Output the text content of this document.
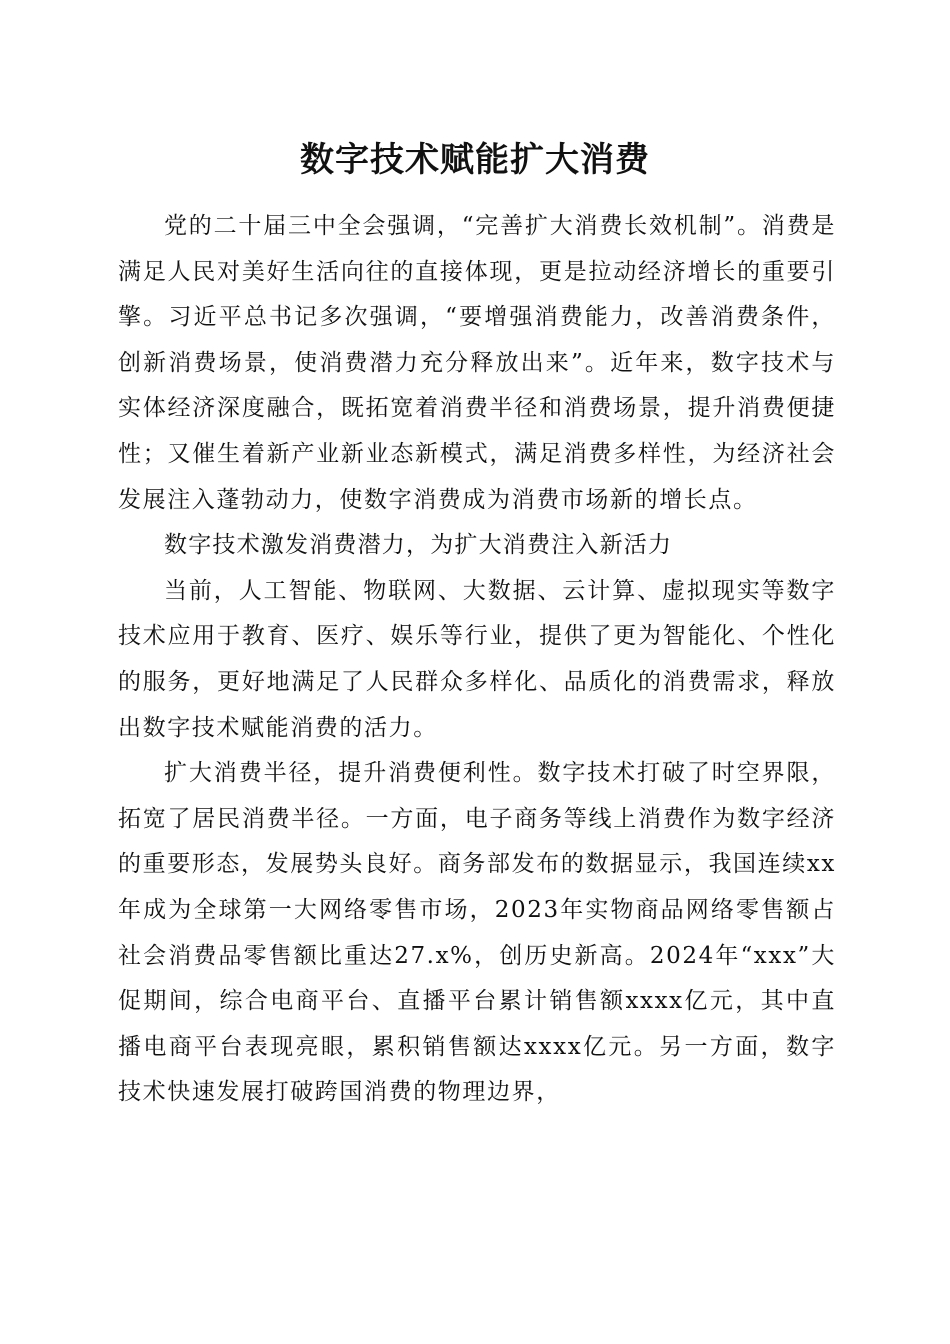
数字技术赋能扩大消费

党的二十届三中全会强调，“完善扩大消费长效机制”。消费是满足人民对美好生活向往的直接体现，更是拉动经济增长的重要引擎。习近平总书记多次强调，“要增强消费能力，改善消费条件，创新消费场景，使消费潜力充分释放出来”。近年来，数字技术与实体经济深度融合，既拓宽着消费半径和消费场景，提升消费便捷性；又催生着新产业新业态新模式，满足消费多样性，为经济社会发展注入蓬勃动力，使数字消费成为消费市场新的增长点。

数字技术激发消费潜力，为扩大消费注入新活力

当前，人工智能、物联网、大数据、云计算、虚拟现实等数字技术应用于教育、医疗、娱乐等行业，提供了更为智能化、个性化的服务，更好地满足了人民群众多样化、品质化的消费需求，释放出数字技术赋能消费的活力。

扩大消费半径，提升消费便利性。数字技术打破了时空界限，拓宽了居民消费半径。一方面，电子商务等线上消费作为数字经济的重要形态，发展势头良好。商务部发布的数据显示，我国连续xx年成为全球第一大网络零售市场，2023年实物商品网络零售额占社会消费品零售额比重达27.x%，创历史新高。2024年“xxx”大促期间，综合电商平台、直播平台累计销售额xxxx亿元，其中直播电商平台表现亮眼，累积销售额达xxxx亿元。另一方面，数字技术快速发展打破跨国消费的物理边界，
